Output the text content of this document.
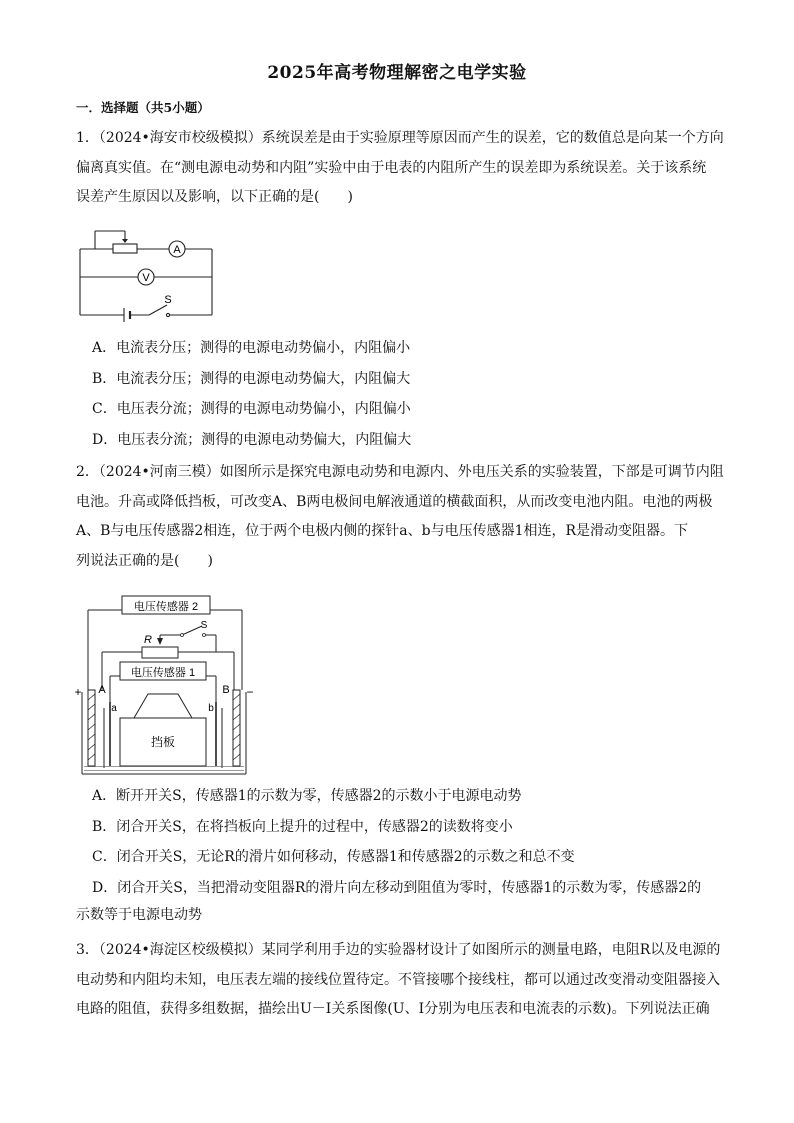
2025年高考物理解密之电学实验
一．选择题（共5小题）
1．（2024•海安市校级模拟）系统误差是由于实验原理等原因而产生的误差，它的数值总是向某一个方向
偏离真实值。在“测电源电动势和内阻”实验中由于电表的内阻所产生的误差即为系统误差。关于该系统
误差产生原因以及影响，以下正确的是(　　)
A
V
S
A．电流表分压；测得的电源电动势偏小，内阻偏小
B．电流表分压；测得的电源电动势偏大，内阻偏大
C．电压表分流；测得的电源电动势偏小，内阻偏小
D．电压表分流；测得的电源电动势偏大，内阻偏大
2．（2024•河南三模）如图所示是探究电源电动势和电源内、外电压关系的实验装置，下部是可调节内阻
电池。升高或降低挡板，可改变A、B两电极间电解液通道的横截面积，从而改变电池内阻。电池的两极
A、B与电压传感器2相连，位于两个电极内侧的探针a、b与电压传感器1相连，R是滑动变阻器。下
列说法正确的是(　　)
电压传感器 2
电压传感器 1
R
S
+	−
A	B
a	b
挡板
A．断开开关S，传感器1的示数为零，传感器2的示数小于电源电动势
B．闭合开关S，在将挡板向上提升的过程中，传感器2的读数将变小
C．闭合开关S，无论R的滑片如何移动，传感器1和传感器2的示数之和总不变
D．闭合开关S，当把滑动变阻器R的滑片向左移动到阻值为零时，传感器1的示数为零，传感器2的
示数等于电源电动势
3．（2024•海淀区校级模拟）某同学利用手边的实验器材设计了如图所示的测量电路，电阻R以及电源的
电动势和内阻均未知，电压表左端的接线位置待定。不管接哪个接线柱，都可以通过改变滑动变阻器接入
电路的阻值，获得多组数据，描绘出U－I关系图像(U、I分别为电压表和电流表的示数)。下列说法正确
